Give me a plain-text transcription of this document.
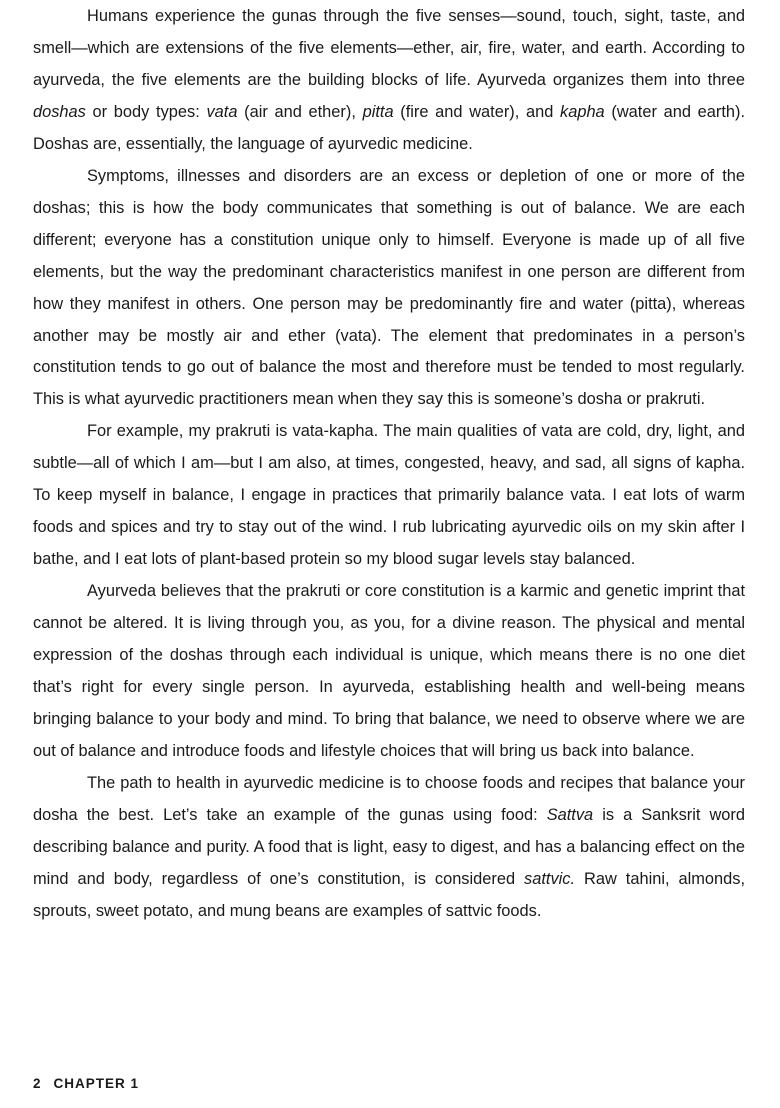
Humans experience the gunas through the five senses—sound, touch, sight, taste, and smell—which are extensions of the five elements—ether, air, fire, water, and earth. According to ayurveda, the five elements are the building blocks of life. Ayurveda organizes them into three doshas or body types: vata (air and ether), pitta (fire and water), and kapha (water and earth). Doshas are, essentially, the language of ayurvedic medicine.

Symptoms, illnesses and disorders are an excess or depletion of one or more of the doshas; this is how the body communicates that something is out of balance. We are each different; everyone has a constitution unique only to himself. Everyone is made up of all five elements, but the way the predominant characteristics manifest in one person are different from how they manifest in others. One person may be predominantly fire and water (pitta), whereas another may be mostly air and ether (vata). The element that predominates in a person’s constitution tends to go out of balance the most and therefore must be tended to most regularly. This is what ayurvedic practitioners mean when they say this is someone’s dosha or prakruti.

For example, my prakruti is vata-kapha. The main qualities of vata are cold, dry, light, and subtle—all of which I am—but I am also, at times, congested, heavy, and sad, all signs of kapha. To keep myself in balance, I engage in practices that primarily balance vata. I eat lots of warm foods and spices and try to stay out of the wind. I rub lubricating ayurvedic oils on my skin after I bathe, and I eat lots of plant-based protein so my blood sugar levels stay balanced.

Ayurveda believes that the prakruti or core constitution is a karmic and genetic imprint that cannot be altered. It is living through you, as you, for a divine reason. The physical and mental expression of the doshas through each individual is unique, which means there is no one diet that’s right for every single person. In ayurveda, establishing health and well-being means bringing balance to your body and mind. To bring that balance, we need to observe where we are out of balance and introduce foods and lifestyle choices that will bring us back into balance.

The path to health in ayurvedic medicine is to choose foods and recipes that balance your dosha the best. Let’s take an example of the gunas using food: Sattva is a Sanksrit word describing balance and purity. A food that is light, easy to digest, and has a balancing effect on the mind and body, regardless of one’s constitution, is considered sattvic. Raw tahini, almonds, sprouts, sweet potato, and mung beans are examples of sattvic foods.

2 CHAPTER 1
